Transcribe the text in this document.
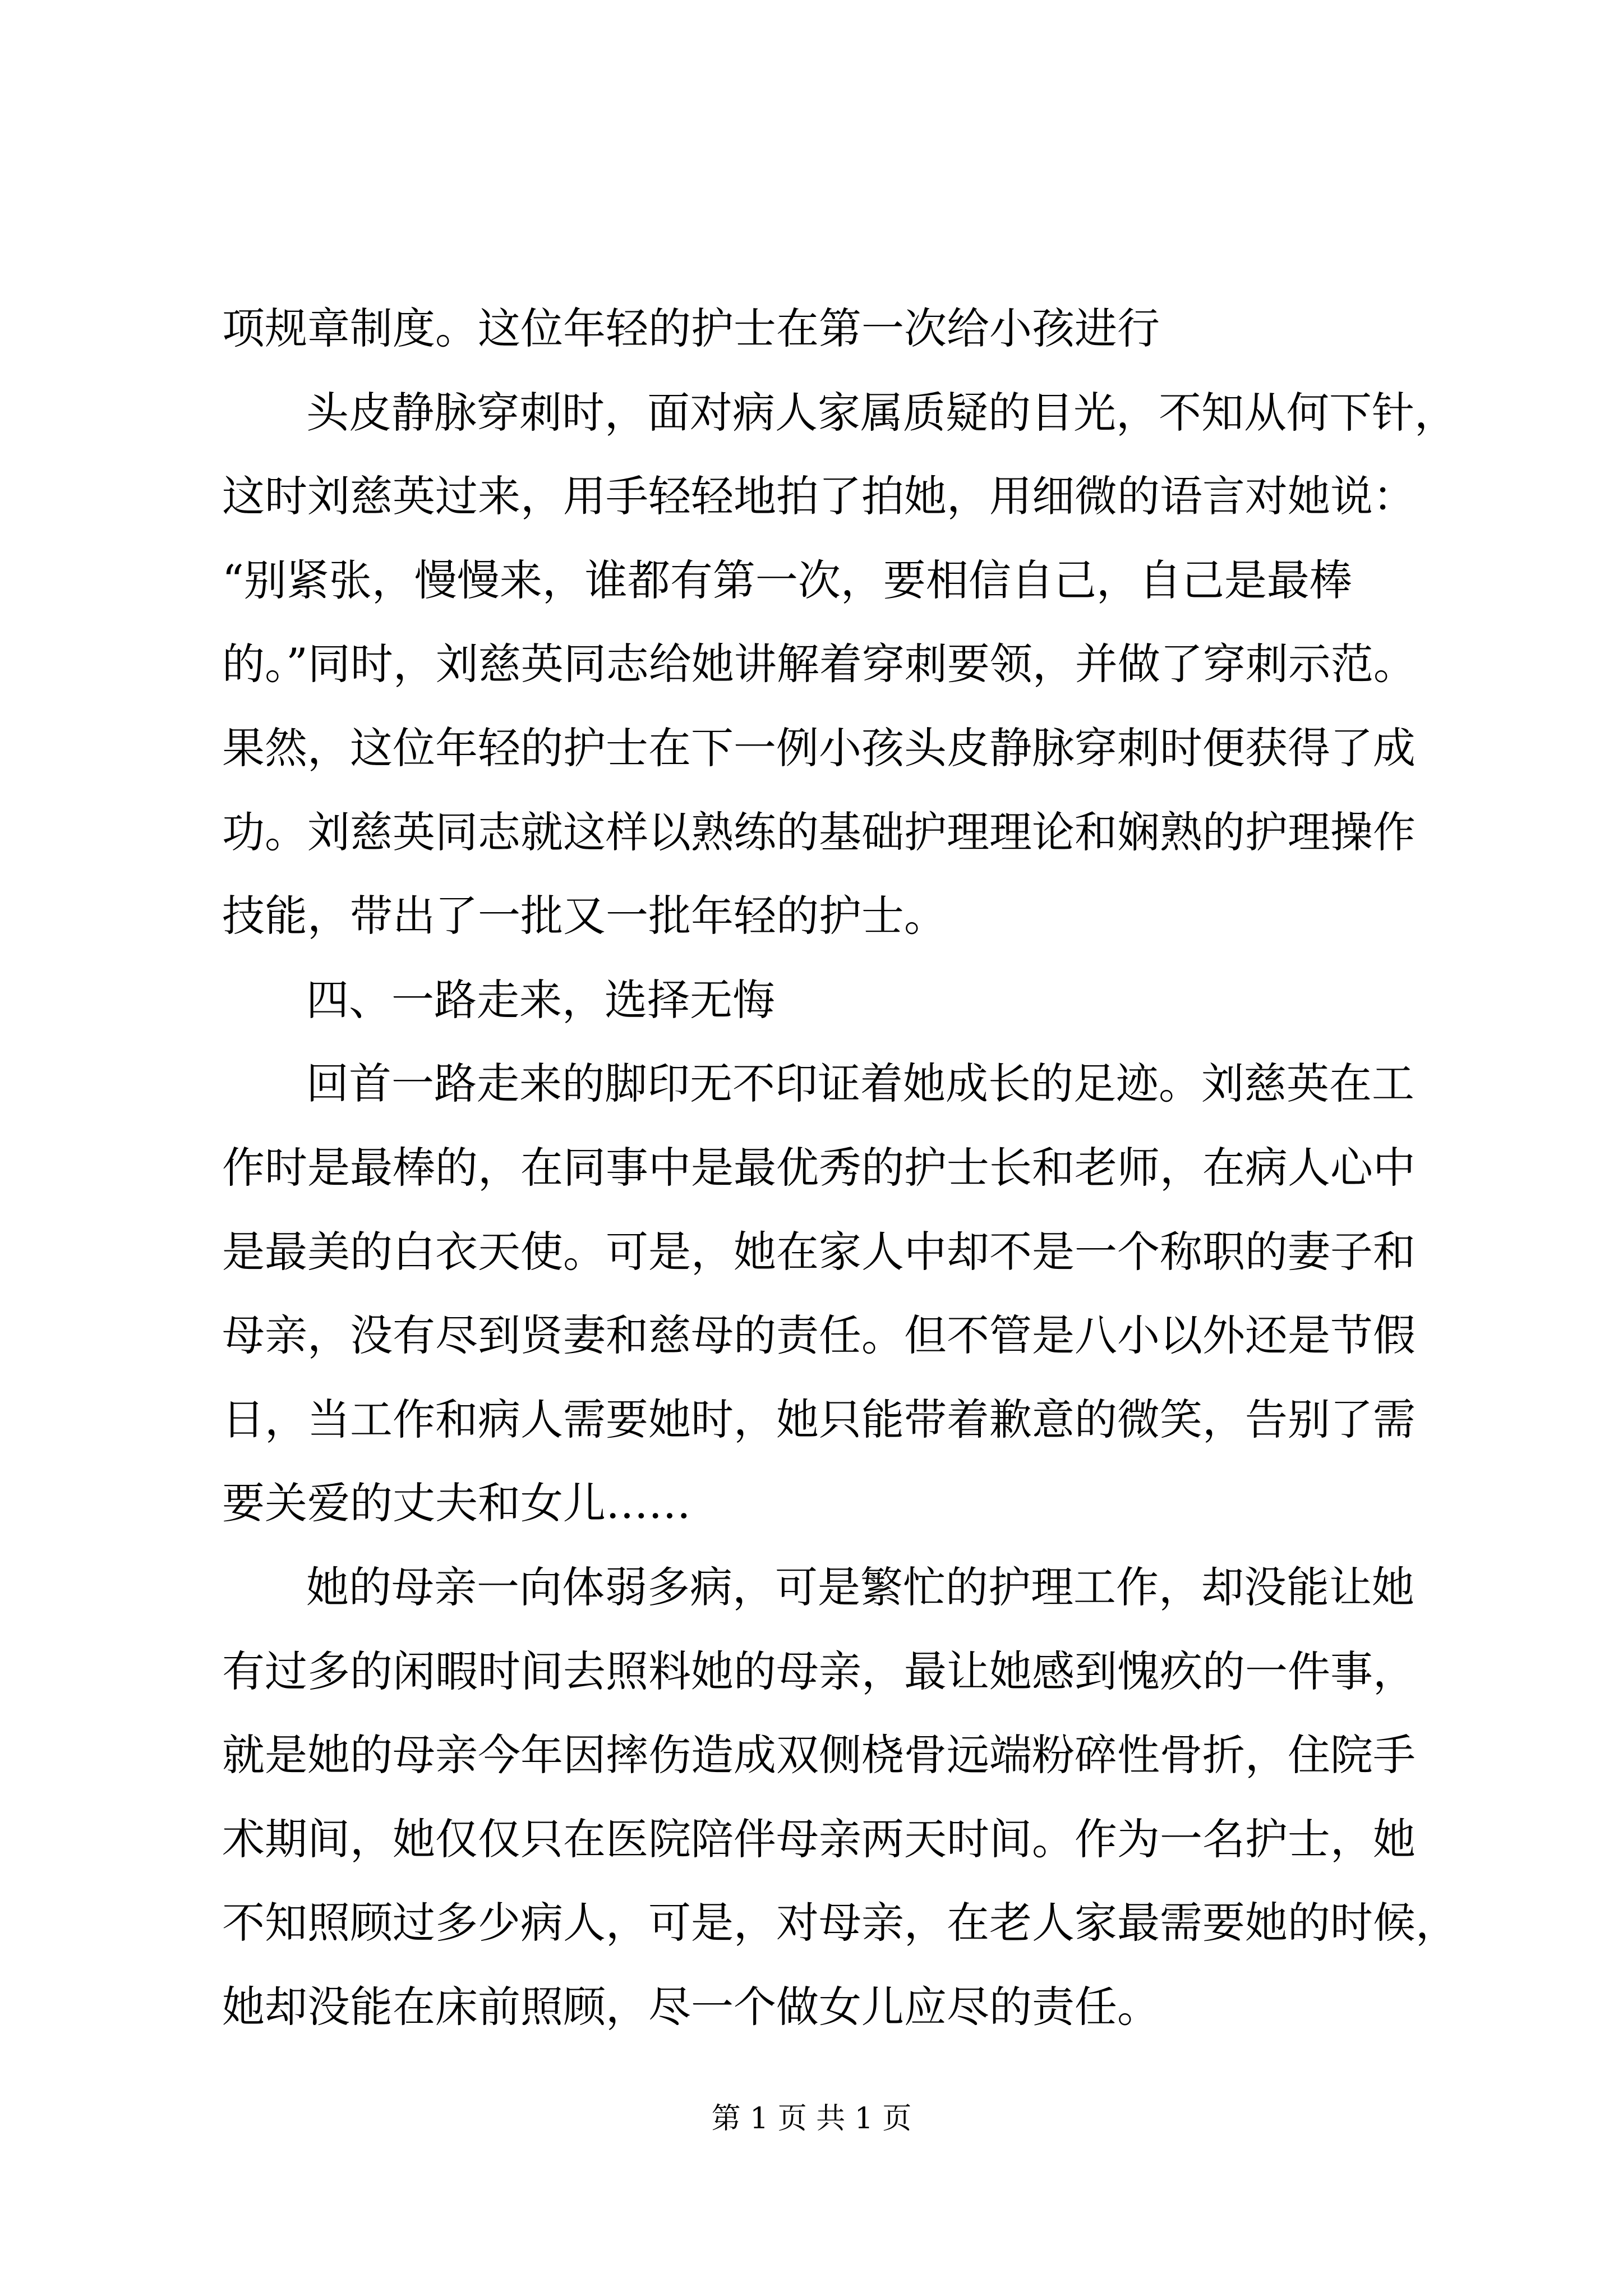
项规章制度。这位年轻的护士在第一次给小孩进行
头皮静脉穿刺时，面对病人家属质疑的目光，不知从何下针，
这时刘慈英过来，用手轻轻地拍了拍她，用细微的语言对她说：
“别紧张，慢慢来，谁都有第一次，要相信自己，自己是最棒
的。”同时，刘慈英同志给她讲解着穿刺要领，并做了穿刺示范。
果然，这位年轻的护士在下一例小孩头皮静脉穿刺时便获得了成
功。刘慈英同志就这样以熟练的基础护理理论和娴熟的护理操作
技能，带出了一批又一批年轻的护士。
四、一路走来，选择无悔
回首一路走来的脚印无不印证着她成长的足迹。刘慈英在工
作时是最棒的，在同事中是最优秀的护士长和老师，在病人心中
是最美的白衣天使。可是，她在家人中却不是一个称职的妻子和
母亲，没有尽到贤妻和慈母的责任。但不管是八小以外还是节假
日，当工作和病人需要她时，她只能带着歉意的微笑，告别了需
要关爱的丈夫和女儿……
她的母亲一向体弱多病，可是繁忙的护理工作，却没能让她
有过多的闲暇时间去照料她的母亲，最让她感到愧疚的一件事，
就是她的母亲今年因摔伤造成双侧桡骨远端粉碎性骨折，住院手
术期间，她仅仅只在医院陪伴母亲两天时间。作为一名护士，她
不知照顾过多少病人，可是，对母亲，在老人家最需要她的时候，
她却没能在床前照顾，尽一个做女儿应尽的责任。
第 1 页 共 1 页
